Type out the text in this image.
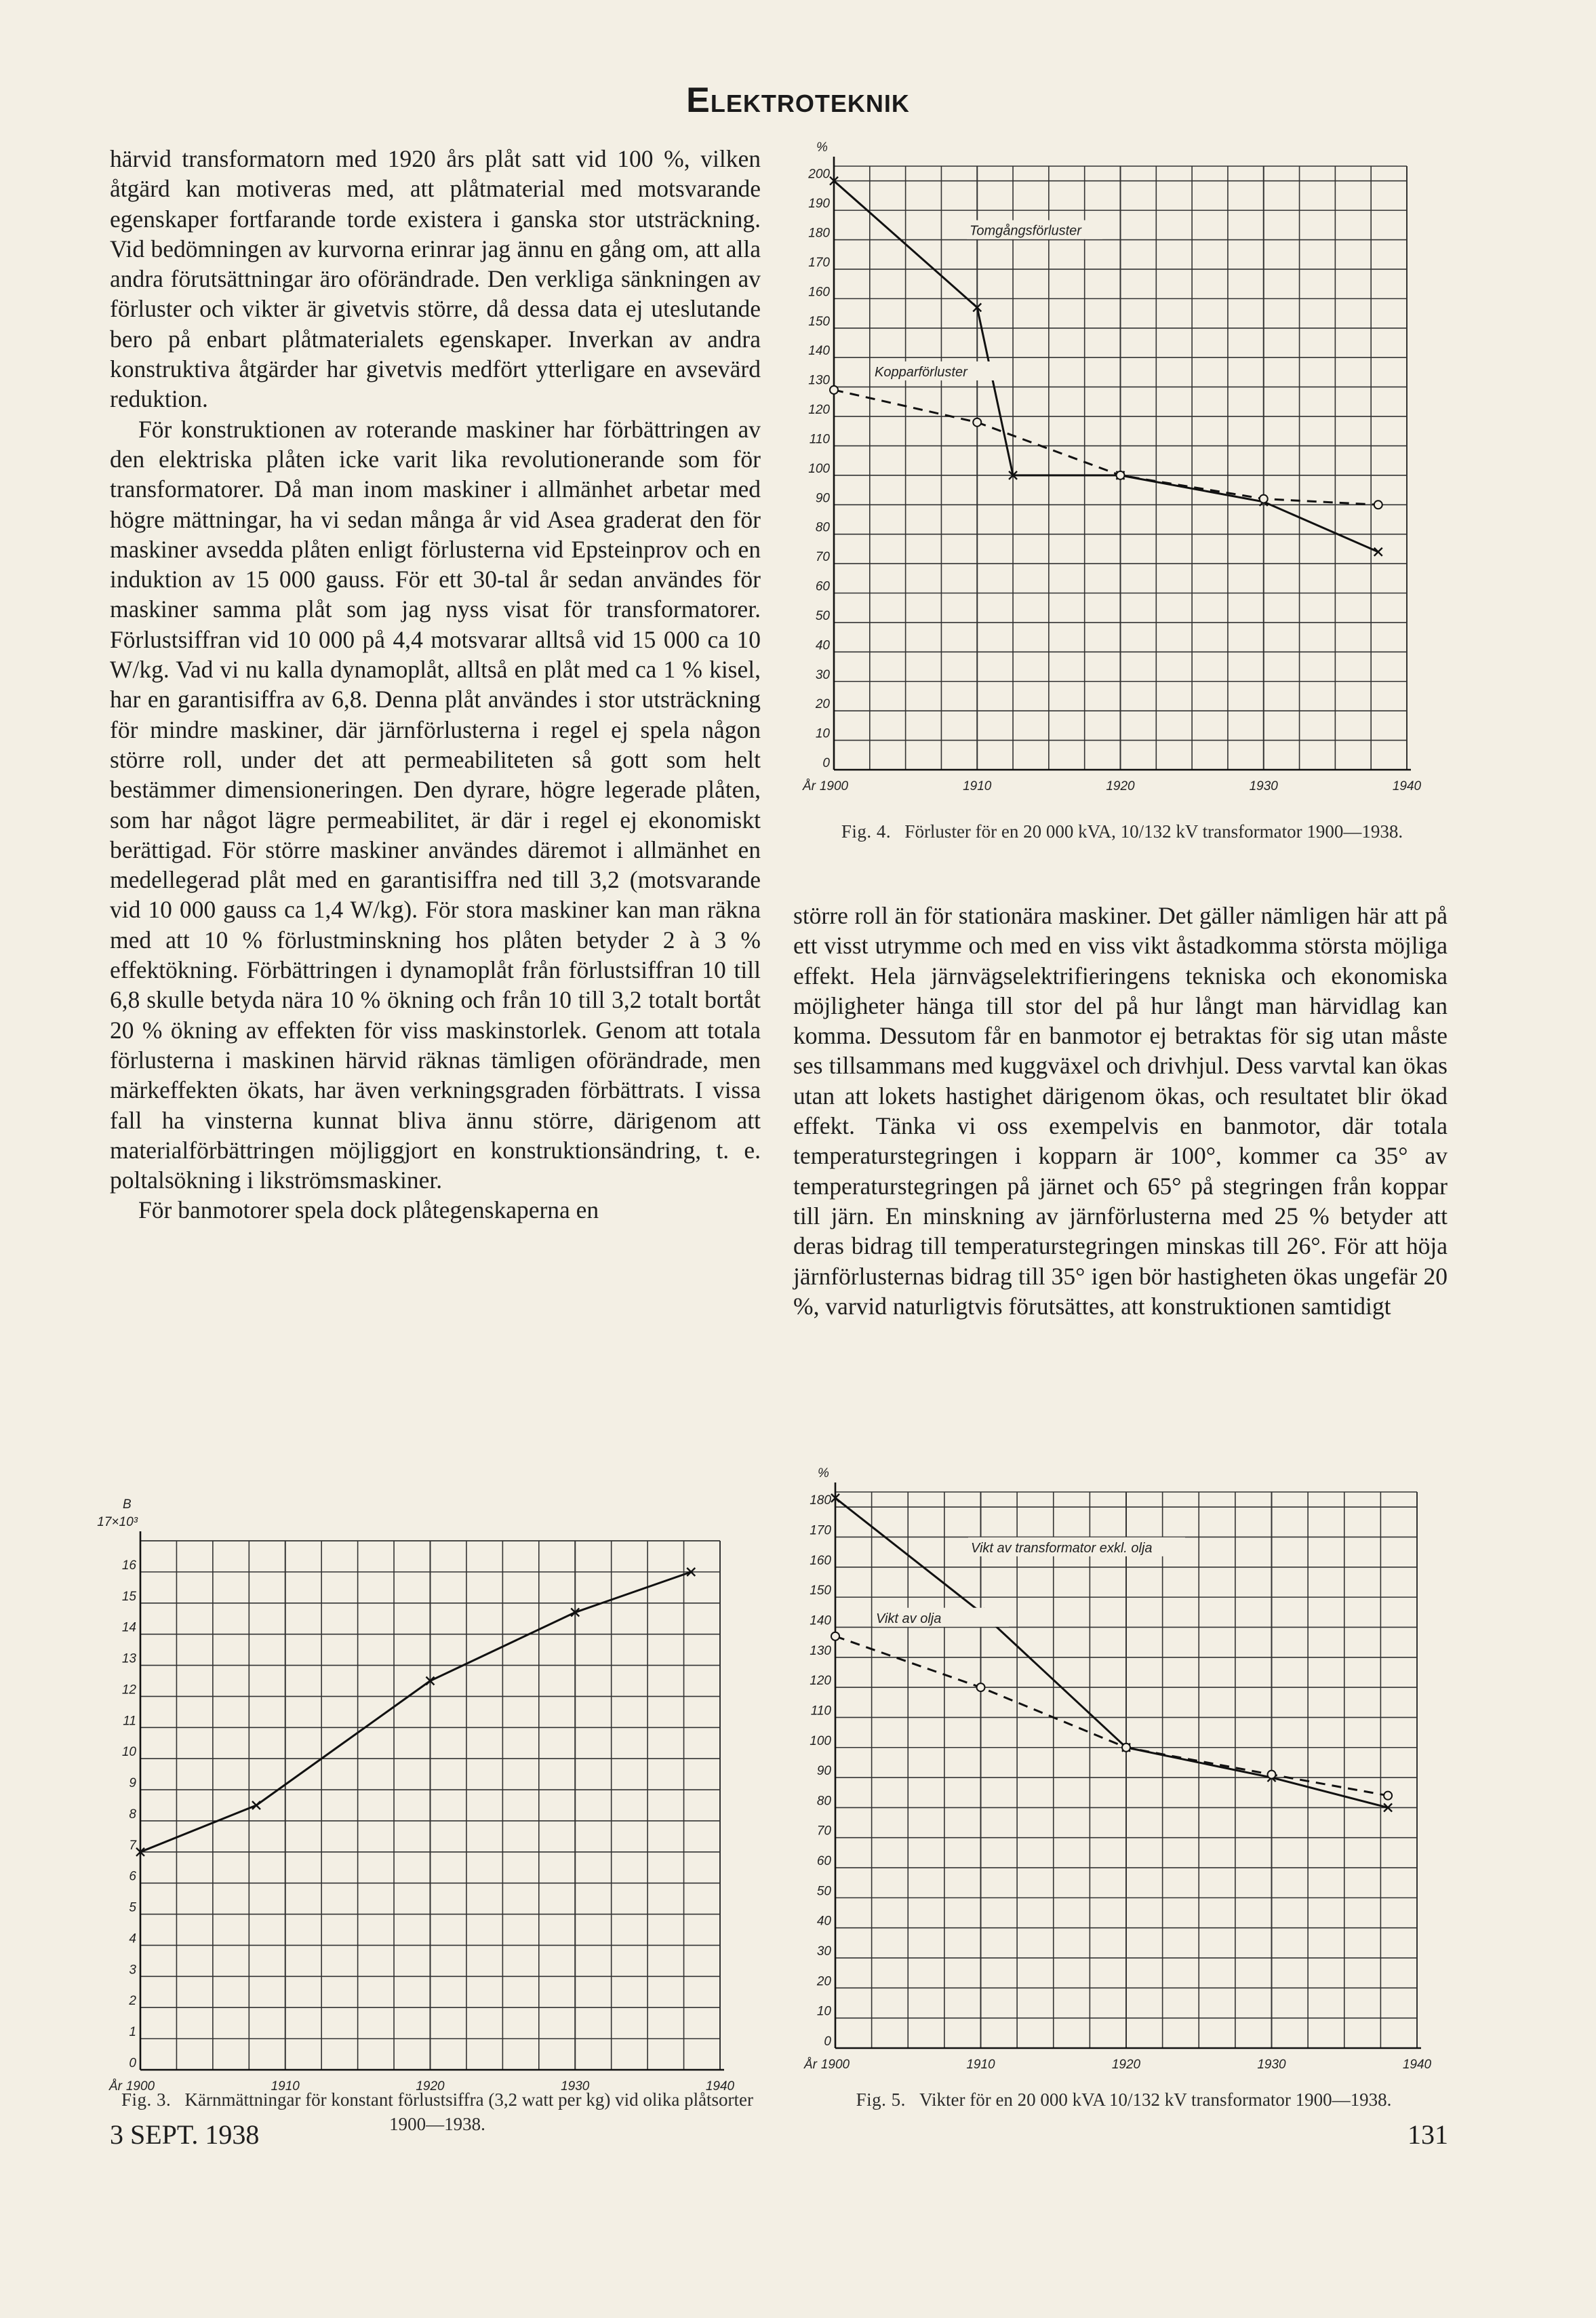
Elektroteknik

härvid transformatorn med 1920 års plåt satt vid 100 %, vilken åtgärd kan motiveras med, att plåtmaterial med motsvarande egenskaper fortfarande torde existera i ganska stor utsträckning. Vid bedömningen av kurvorna erinrar jag ännu en gång om, att alla andra förutsättningar äro oförändrade. Den verkliga sänkningen av förluster och vikter är givetvis större, då dessa data ej uteslutande bero på enbart plåtmaterialets egenskaper. Inverkan av andra konstruktiva åtgärder har givetvis medfört ytterligare en avsevärd reduktion.

För konstruktionen av roterande maskiner har förbättringen av den elektriska plåten icke varit lika revolutionerande som för transformatorer. Då man inom maskiner i allmänhet arbetar med högre mättningar, ha vi sedan många år vid Asea graderat den för maskiner avsedda plåten enligt förlusterna vid Epsteinprov och en induktion av 15 000 gauss. För ett 30-tal år sedan användes för maskiner samma plåt som jag nyss visat för transformatorer. Förlustsiffran vid 10 000 på 4,4 motsvarar alltså vid 15 000 ca 10 W/kg. Vad vi nu kalla dynamoplåt, alltså en plåt med ca 1 % kisel, har en garantisiffra av 6,8. Denna plåt användes i stor utsträckning för mindre maskiner, där järnförlusterna i regel ej spela någon större roll, under det att permeabiliteten så gott som helt bestämmer dimensioneringen. Den dyrare, högre legerade plåten, som har något lägre permeabilitet, är där i regel ej ekonomiskt berättigad. För större maskiner användes däremot i allmänhet en medellegerad plåt med en garantisiffra ned till 3,2 (motsvarande vid 10 000 gauss ca 1,4 W/kg). För stora maskiner kan man räkna med att 10 % förlustminskning hos plåten betyder 2 à 3 % effektökning. Förbättringen i dynamoplåt från förlustsiffran 10 till 6,8 skulle betyda nära 10 % ökning och från 10 till 3,2 totalt bortåt 20 % ökning av effekten för viss maskinstorlek. Genom att totala förlusterna i maskinen härvid räknas tämligen oförändrade, men märkeffekten ökats, har även verkningsgraden förbättrats. I vissa fall ha vinsterna kunnat bliva ännu större, därigenom att materialförbättringen möjliggjort en konstruktionsändring, t. e. poltalsökning i likströmsmaskiner.

För banmotorer spela dock plåtegenskaperna en

större roll än för stationära maskiner. Det gäller nämligen här att på ett visst utrymme och med en viss vikt åstadkomma största möjliga effekt. Hela järnvägselektrifieringens tekniska och ekonomiska möjligheter hänga till stor del på hur långt man härvidlag kan komma. Dessutom får en banmotor ej betraktas för sig utan måste ses tillsammans med kuggväxel och drivhjul. Dess varvtal kan ökas utan att lokets hastighet därigenom ökas, och resultatet blir ökad effekt. Tänka vi oss exempelvis en banmotor, där totala temperaturstegringen i kopparn är 100°, kommer ca 35° av temperaturstegringen på järnet och 65° på stegringen från koppar till järn. En minskning av järnförlusterna med 25 % betyder att deras bidrag till temperaturstegringen minskas till 26°. För att höja järnförlusternas bidrag till 35° igen bör hastigheten ökas ungefär 20 %, varvid naturligtvis förutsättes, att konstruktionen samtidigt

0
10
20
30
40
50
60
70
80
90
100
110
120
130
140
150
160
170
180
190
200
%
1900	1910	1920	1930	1940
År
Tomgångsförluster
Kopparförluster
Fig. 4. Förluster för en 20 000 kVA, 10/132 kV transformator 1900—1938.
0
1
2
3
4
5
6
7
8
9
10
11
12
13
14
15
16
17×10³
B
1900	1910	1920	1930	1940
År
Fig. 3. Kärnmättningar för konstant förlustsiffra (3,2 watt per kg) vid olika plåtsorter 1900—1938.
0
10
20
30
40
50
60
70
80
90
100
110
120
130
140
150
160
170
180
%
1900	1910	1920	1930	1940
År
Vikt av transformator exkl. olja
Vikt av olja
Fig. 5. Vikter för en 20 000 kVA 10/132 kV transformator 1900—1938.
3 SEPT. 1938	131
